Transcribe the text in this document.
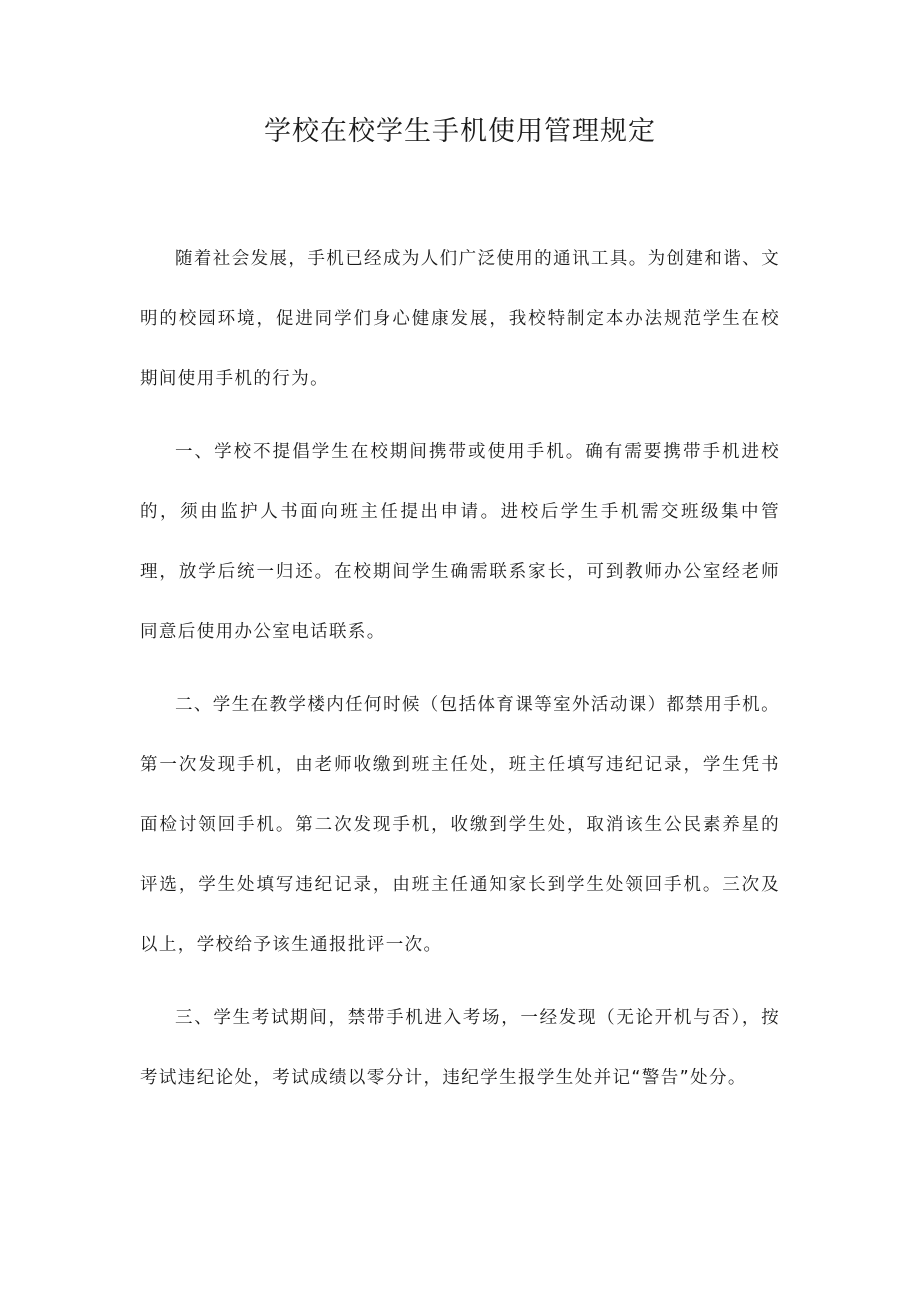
学校在校学生手机使用管理规定

随着社会发展，手机已经成为人们广泛使用的通讯工具。为创建和谐、文明的校园环境，促进同学们身心健康发展，我校特制定本办法规范学生在校期间使用手机的行为。

一、学校不提倡学生在校期间携带或使用手机。确有需要携带手机进校的，须由监护人书面向班主任提出申请。进校后学生手机需交班级集中管理，放学后统一归还。在校期间学生确需联系家长，可到教师办公室经老师同意后使用办公室电话联系。

二、学生在教学楼内任何时候（包括体育课等室外活动课）都禁用手机。第一次发现手机，由老师收缴到班主任处，班主任填写违纪记录，学生凭书面检讨领回手机。第二次发现手机，收缴到学生处，取消该生公民素养星的评选，学生处填写违纪记录，由班主任通知家长到学生处领回手机。三次及以上，学校给予该生通报批评一次。

三、学生考试期间，禁带手机进入考场，一经发现（无论开机与否），按考试违纪论处，考试成绩以零分计，违纪学生报学生处并记“警告”处分。
